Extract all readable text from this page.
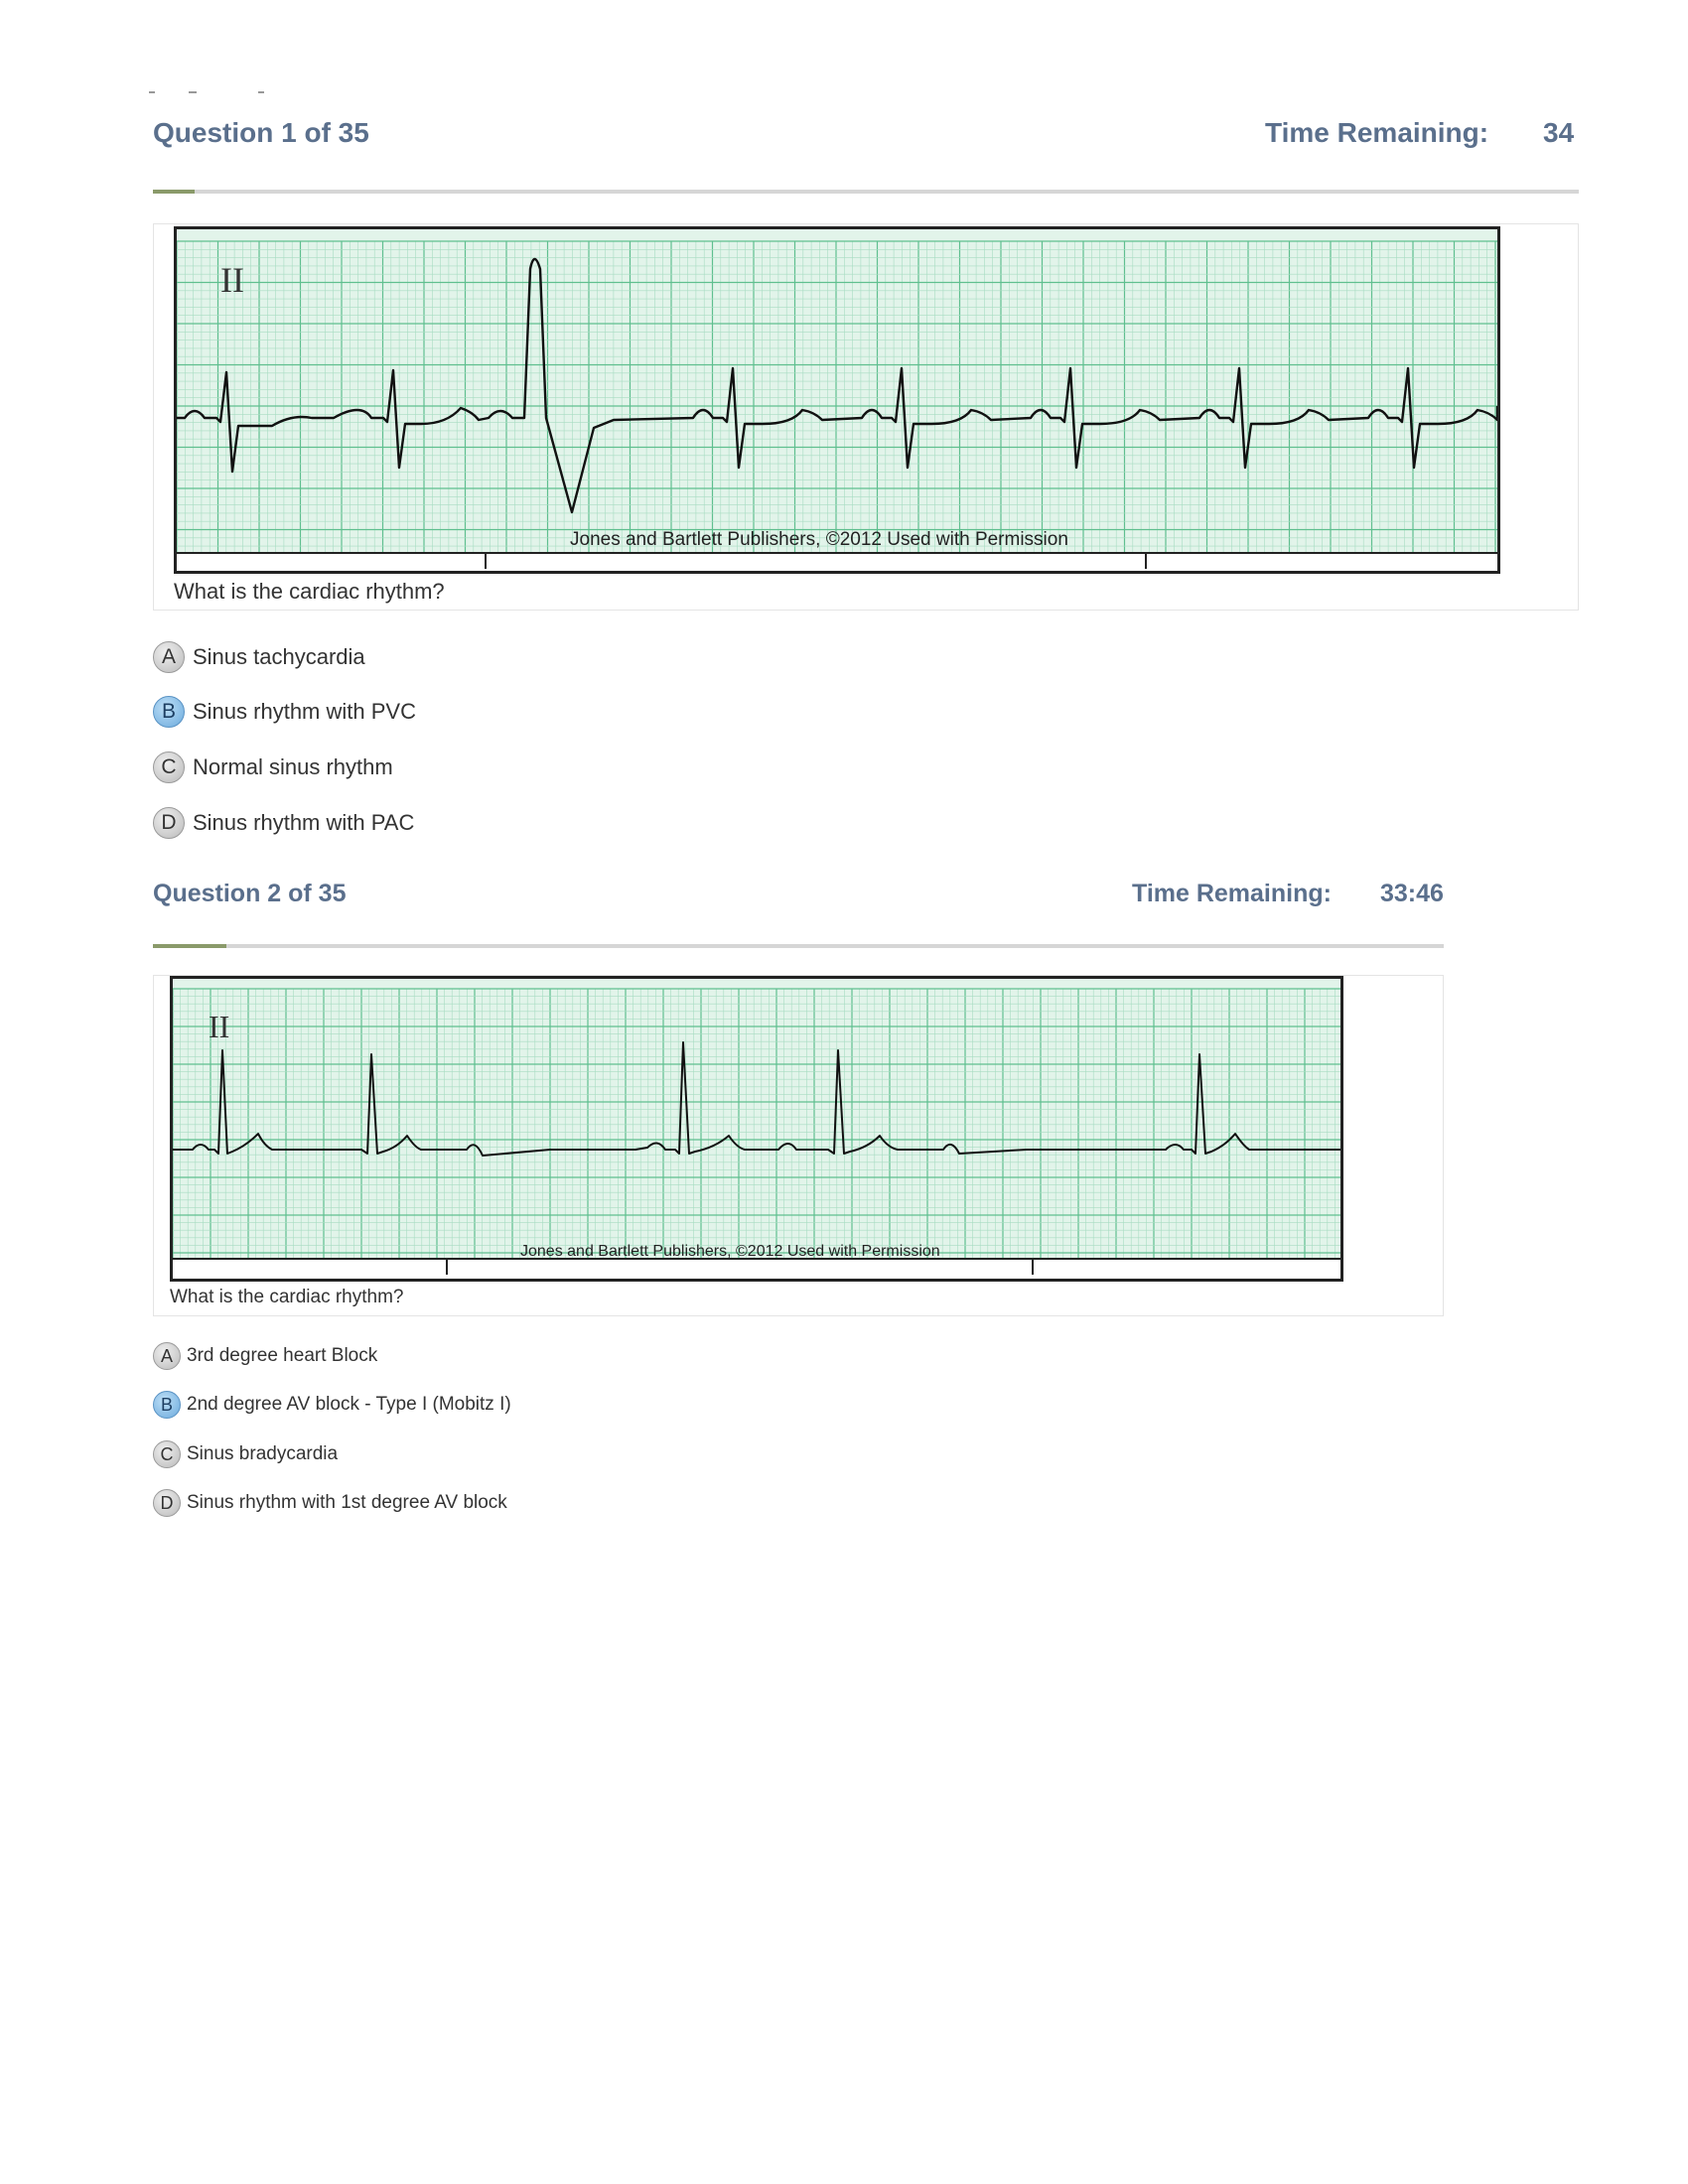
Question 1 of 35	Time Remaining: 34
II
Jones and Bartlett Publishers, ©2012 Used with Permission
What is the cardiac rhythm?
A Sinus tachycardia
B Sinus rhythm with PVC
C Normal sinus rhythm
D Sinus rhythm with PAC
Question 2 of 35	Time Remaining: 33:46
II
Jones and Bartlett Publishers, ©2012 Used with Permission
What is the cardiac rhythm?
A 3rd degree heart Block
B 2nd degree AV block - Type I (Mobitz I)
C Sinus bradycardia
D Sinus rhythm with 1st degree AV block
